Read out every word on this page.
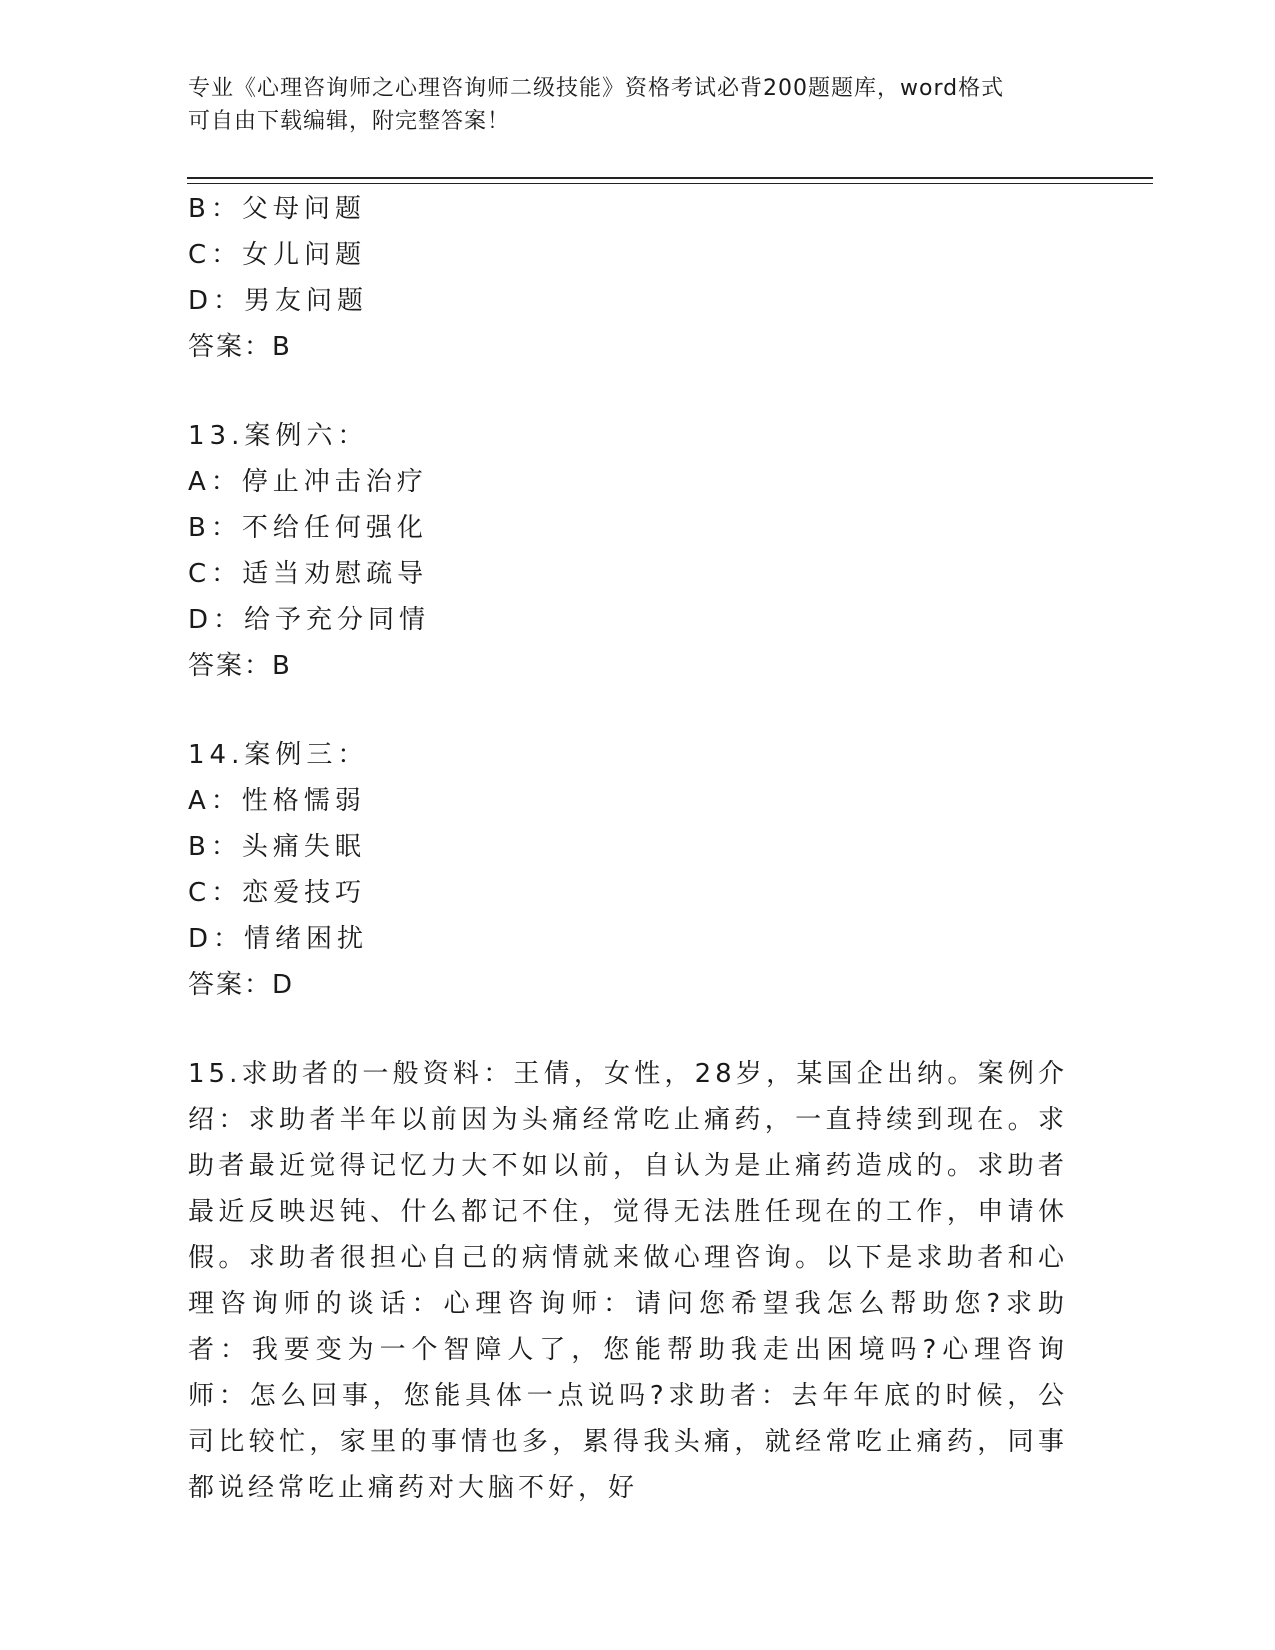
专业《心理咨询师之心理咨询师二级技能》资格考试必背200题题库，word格式
可自由下载编辑，附完整答案！
B：父母问题
C：女儿问题
D：男友问题
答案：B
13.案例六：
A：停止冲击治疗
B：不给任何强化
C：适当劝慰疏导
D：给予充分同情
答案：B
14.案例三：
A：性格懦弱
B：头痛失眠
C：恋爱技巧
D：情绪困扰
答案：D
15.求助者的一般资料：王倩，女性，28岁，某国企出纳。案例介绍：求助者半年以前因为头痛经常吃止痛药，一直持续到现在。求助者最近觉得记忆力大不如以前，自认为是止痛药造成的。求助者最近反映迟钝、什么都记不住，觉得无法胜任现在的工作，申请休假。求助者很担心自己的病情就来做心理咨询。以下是求助者和心理咨询师的谈话：心理咨询师：请问您希望我怎么帮助您?求助者：我要变为一个智障人了，您能帮助我走出困境吗?心理咨询师：怎么回事，您能具体一点说吗?求助者：去年年底的时候，公司比较忙，家里的事情也多，累得我头痛，就经常吃止痛药，同事都说经常吃止痛药对大脑不好，好
